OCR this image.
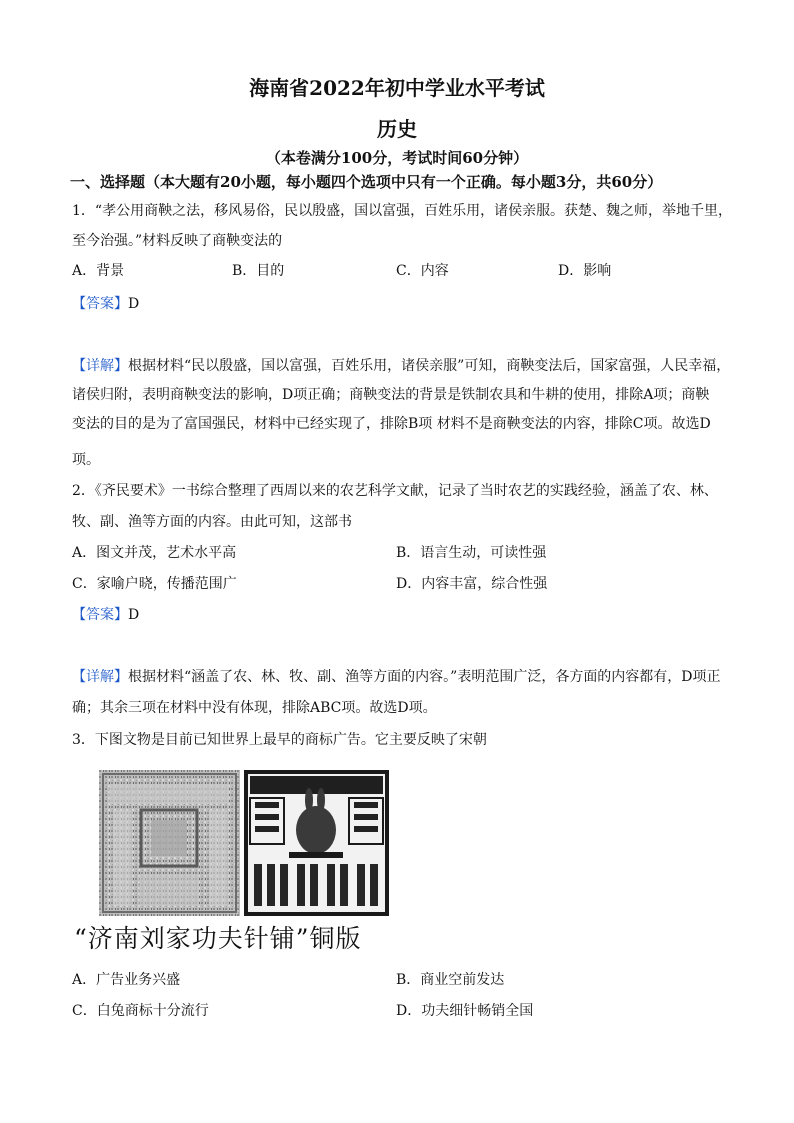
海南省2022年初中学业水平考试
历史
（本卷满分100分，考试时间60分钟）
一、选择题（本大题有20小题，每小题四个选项中只有一个正确。每小题3分，共60分）
1．“孝公用商鞅之法，移风易俗，民以殷盛，国以富强，百姓乐用，诸侯亲服。获楚、魏之师，举地千里，
至今治强。”材料反映了商鞅变法的
A．背景	B．目的	C．内容	D．影响
【答案】D
【详解】根据材料“民以殷盛，国以富强，百姓乐用，诸侯亲服”可知，商鞅变法后，国家富强，人民幸福，
诸侯归附，表明商鞅变法的影响，D项正确；商鞅变法的背景是铁制农具和牛耕的使用，排除A项；商鞅
变法的目的是为了富国强民，材料中已经实现了，排除B项 材料不是商鞅变法的内容，排除C项。故选D
项。
2．《齐民要术》一书综合整理了西周以来的农艺科学文献，记录了当时农艺的实践经验，涵盖了农、林、
牧、副、渔等方面的内容。由此可知，这部书
A．图文并茂，艺术水平高	B．语言生动，可读性强
C．家喻户晓，传播范围广	D．内容丰富，综合性强
【答案】D
【详解】根据材料“涵盖了农、林、牧、副、渔等方面的内容。”表明范围广泛，各方面的内容都有，D项正
确；其余三项在材料中没有体现，排除ABC项。故选D项。
3．下图文物是目前已知世界上最早的商标广告。它主要反映了宋朝
“济南刘家功夫针铺”铜版
A．广告业务兴盛	B．商业空前发达
C．白兔商标十分流行	D．功夫细针畅销全国
